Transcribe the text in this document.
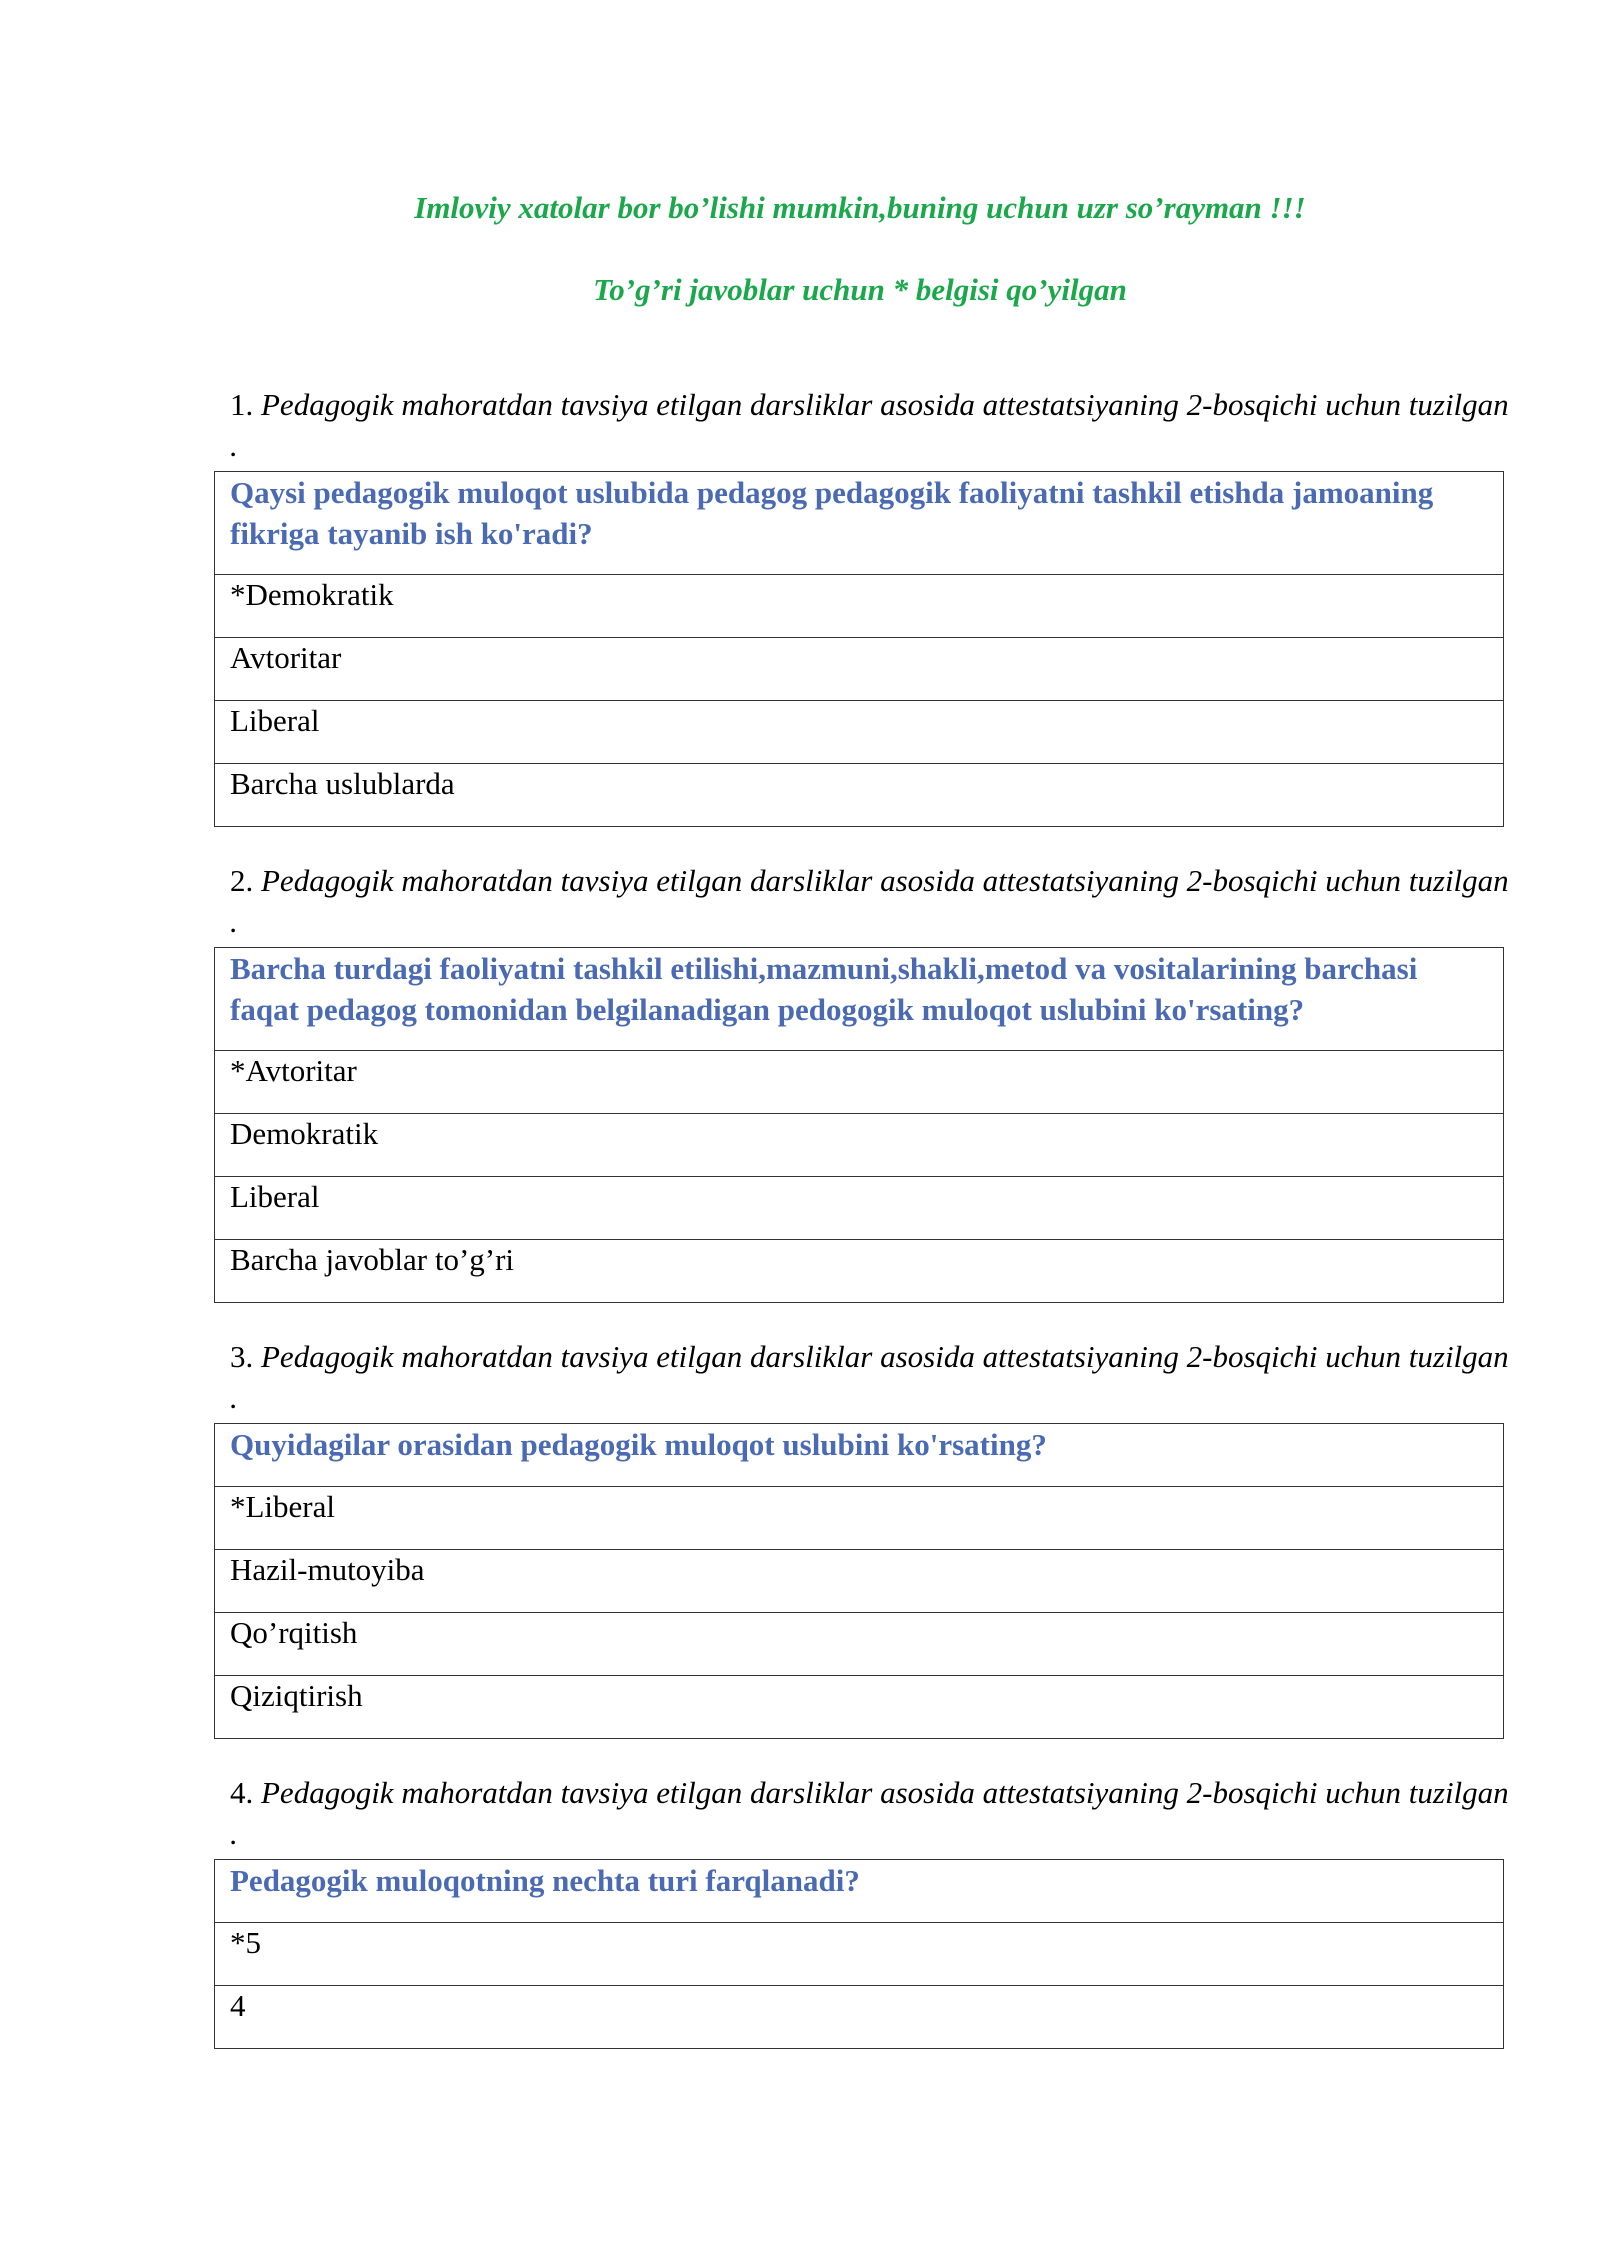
Imloviy xatolar bor bo’lishi mumkin,buning uchun uzr so’rayman !!!
To’g’ri javoblar uchun * belgisi qo’yilgan
1. Pedagogik mahoratdan tavsiya etilgan darsliklar asosida attestatsiyaning 2-bosqichi uchun tuzilgan .
Qaysi pedagogik muloqot uslubida pedagog pedagogik faoliyatni tashkil etishda jamoaning fikriga tayanib ish ko'radi?
*Demokratik
Avtoritar
Liberal
Barcha uslublarda
2. Pedagogik mahoratdan tavsiya etilgan darsliklar asosida attestatsiyaning 2-bosqichi uchun tuzilgan .
Barcha turdagi faoliyatni tashkil etilishi,mazmuni,shakli,metod va vositalarining barchasi faqat pedagog tomonidan belgilanadigan pedogogik muloqot uslubini ko'rsating?
*Avtoritar
Demokratik
Liberal
Barcha javoblar to’g’ri
3. Pedagogik mahoratdan tavsiya etilgan darsliklar asosida attestatsiyaning 2-bosqichi uchun tuzilgan .
Quyidagilar orasidan pedagogik muloqot uslubini ko'rsating?
*Liberal
Hazil-mutoyiba
Qo’rqitish
Qiziqtirish
4. Pedagogik mahoratdan tavsiya etilgan darsliklar asosida attestatsiyaning 2-bosqichi uchun tuzilgan .
Pedagogik muloqotning nechta turi farqlanadi?
*5
4
